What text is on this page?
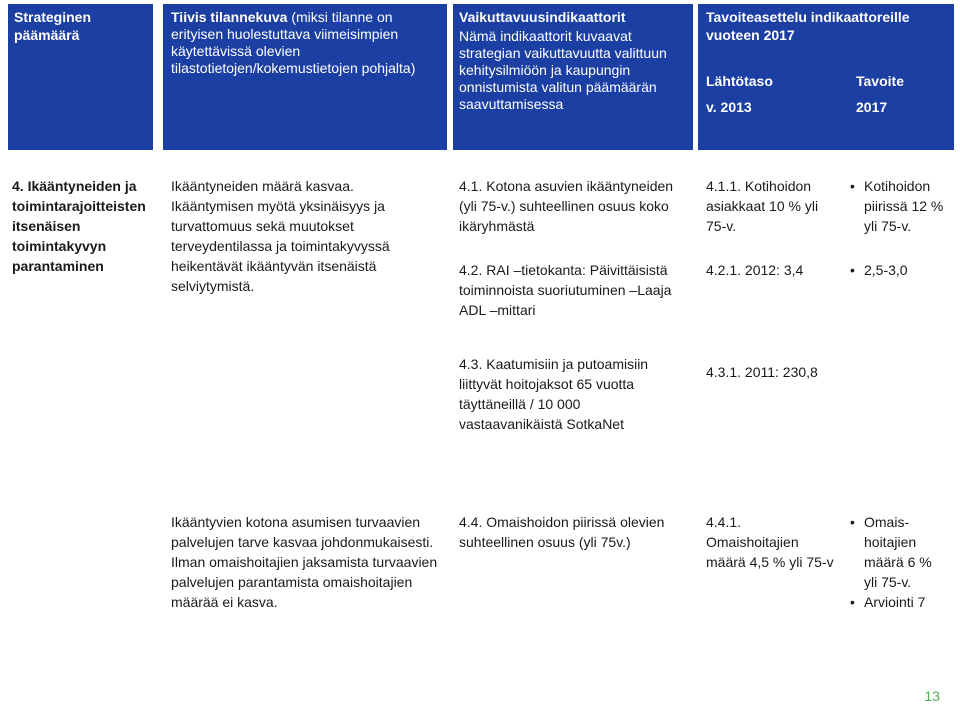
Strateginen päämäärä
Tiivis tilannekuva (miksi tilanne on erityisen huolestuttava viimeisimpien käytettävissä olevien tilastotietojen/kokemustietojen pohjalta)
Vaikuttavuusindikaattorit
Nämä indikaattorit kuvaavat strategian vaikuttavuutta valittuun kehitysilmiöön ja kaupungin onnistumista valitun päämäärän saavuttamisessa
Tavoiteasettelu indikaattoreille vuoteen 2017
Lähtötaso
v. 2013
Tavoite
2017
4. Ikääntyneiden ja toimintarajoitteisten itsenäisen toimintakyvyn parantaminen
Ikääntyneiden määrä kasvaa. Ikääntymisen myötä yksinäisyys ja turvattomuus sekä muutokset terveydentilassa ja toimintakyvyssä heikentävät ikääntyvän itsenäistä selviytymistä.
4.1. Kotona asuvien ikääntyneiden (yli 75-v.) suhteellinen osuus koko ikäryhmästä
4.2. RAI –tietokanta: Päivittäisistä toiminnoista suoriutuminen –Laaja ADL –mittari
4.1.1. Kotihoidon asiakkaat 10 % yli 75-v.
4.2.1. 2012: 3,4
• Kotihoidon piirissä 12 % yli 75-v.
• 2,5-3,0
4.3. Kaatumisiin ja putoamisiin liittyvät hoitojaksot 65 vuotta täyttäneillä / 10 000 vastaavanikäistä SotkaNet
4.3.1. 2011: 230,8
Ikääntyvien kotona asumisen turvaavien palvelujen tarve kasvaa johdonmukaisesti. Ilman omaishoitajien jaksamista turvaavien palvelujen parantamista omaishoitajien määrää ei kasva.
4.4. Omaishoidon piirissä olevien suhteellinen osuus (yli 75v.)
4.4.1. Omaishoitajien määrä 4,5 % yli 75-v
• Omais-hoitajien määrä 6 % yli 75-v.
• Arviointi 7
13
